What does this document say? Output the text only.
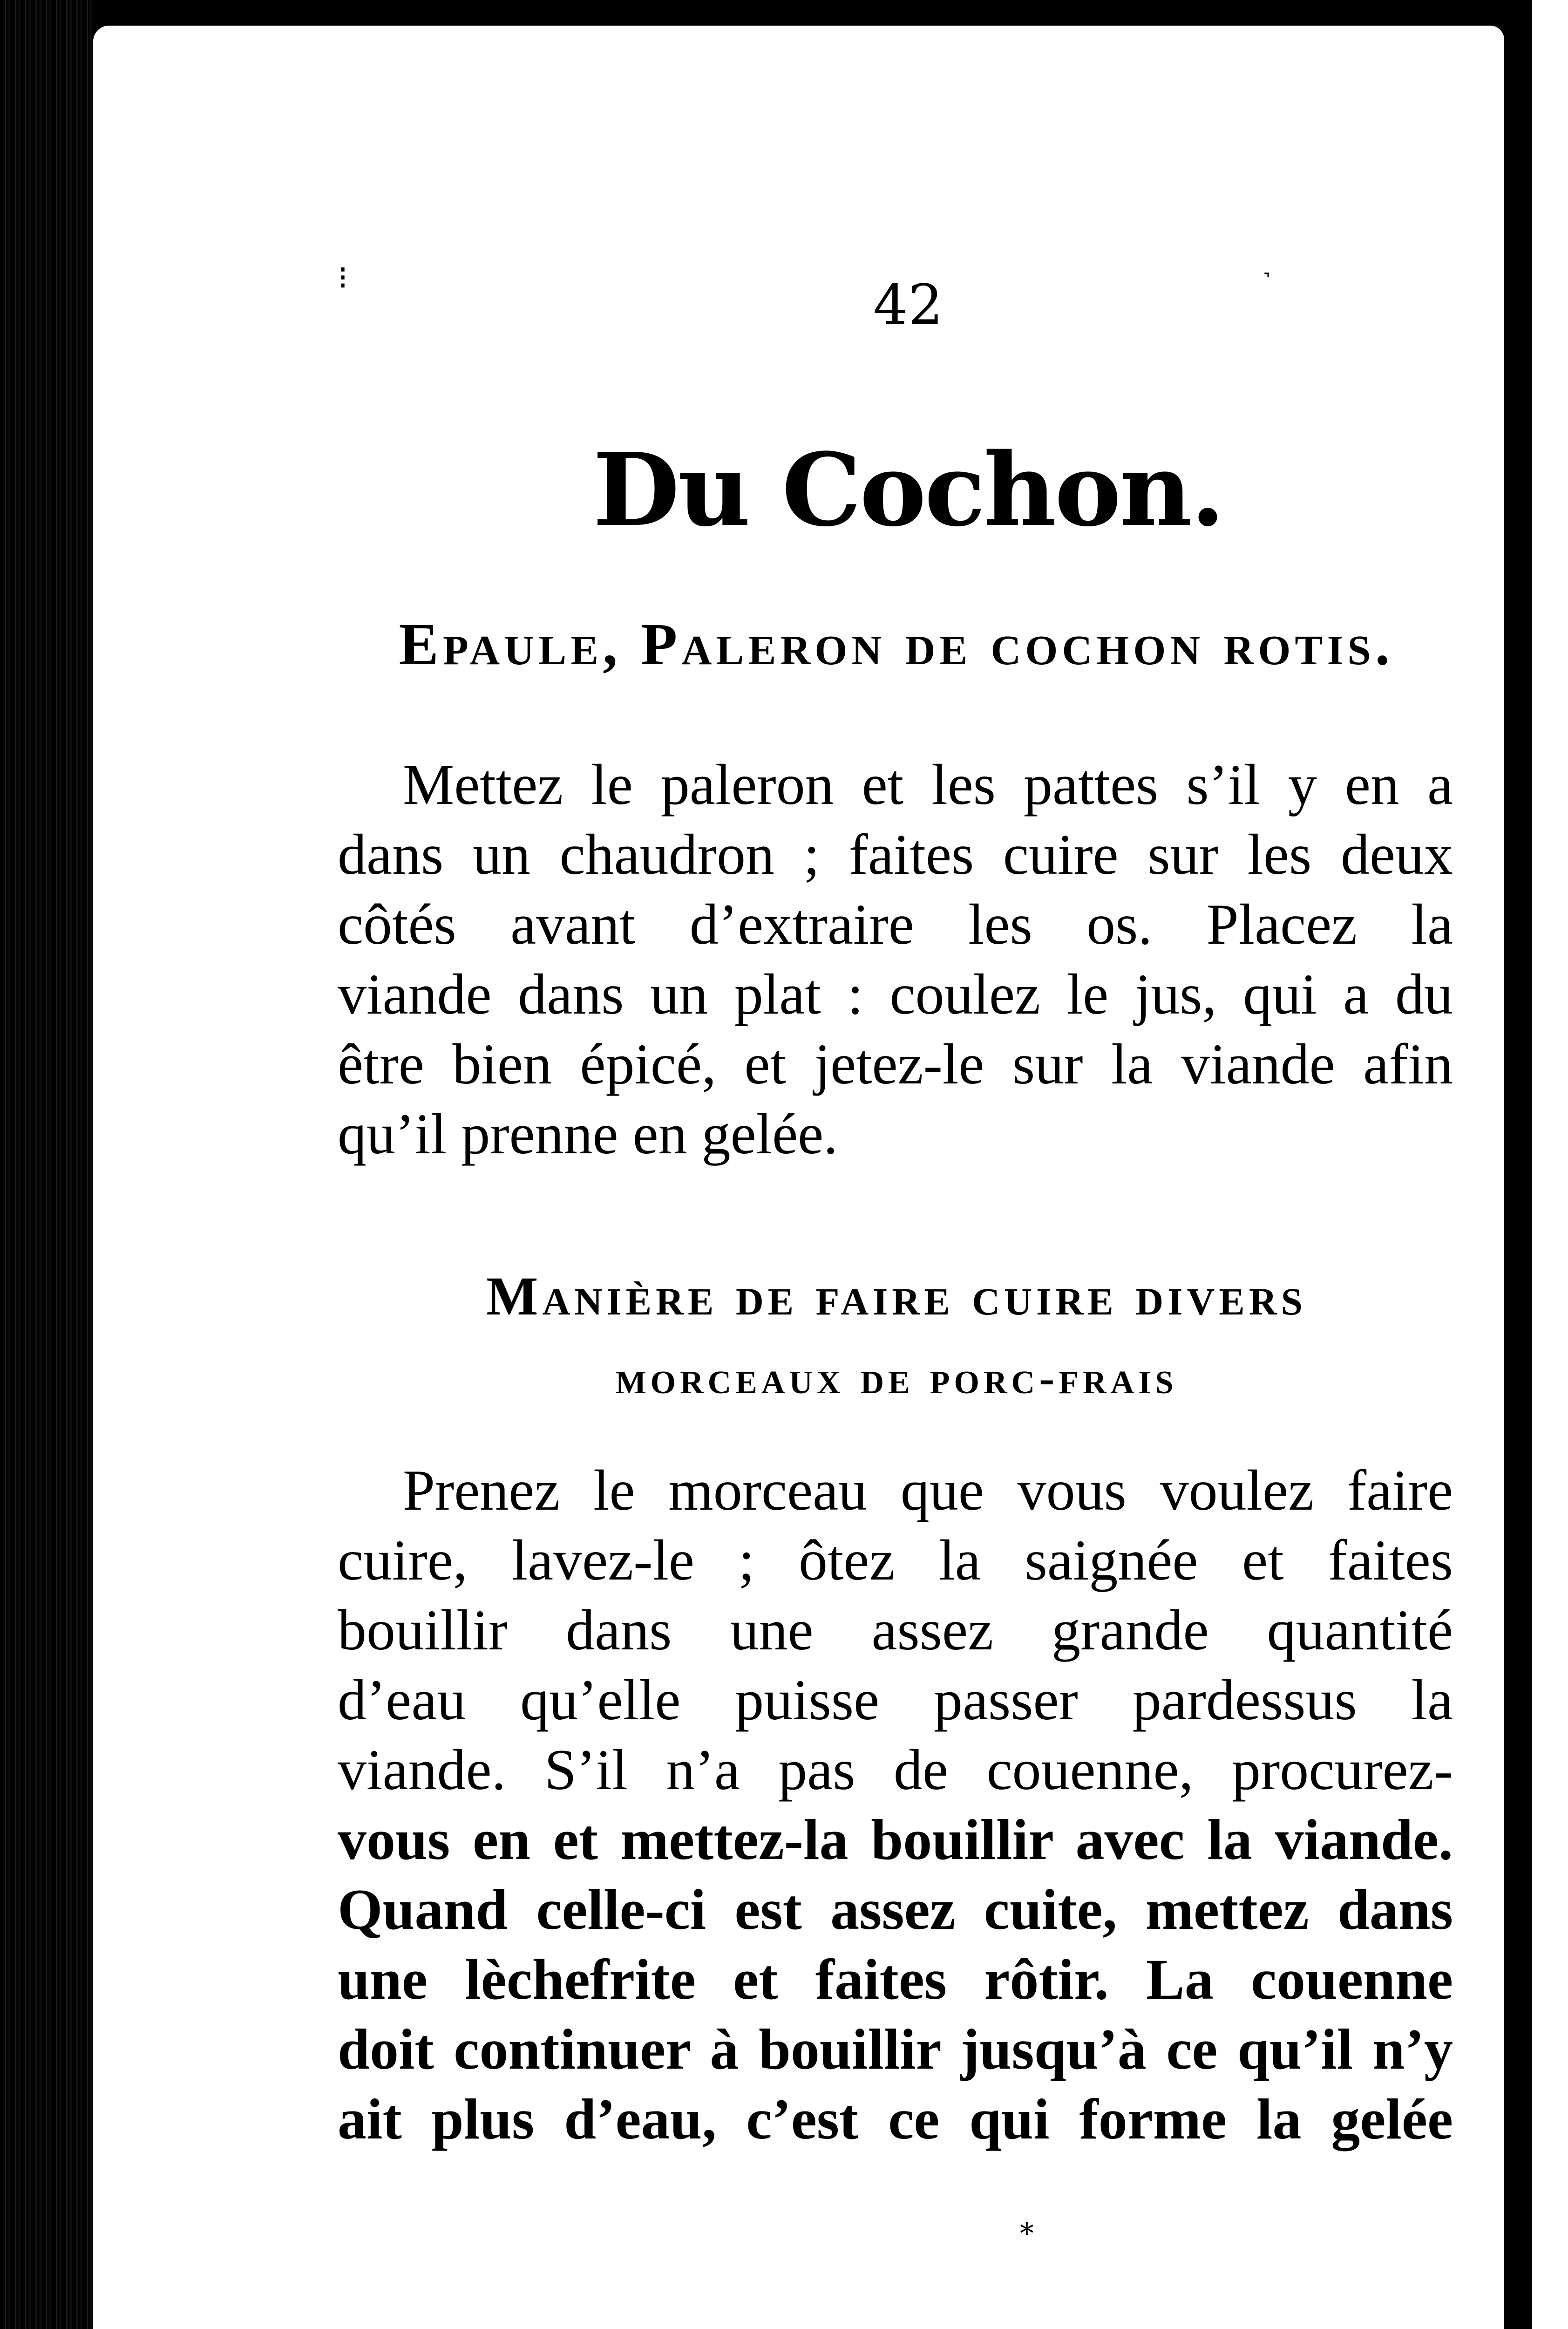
⁝	42	˺
Du Cochon.
Epaule, Paleron de cochon rotis.
Mettez le paleron et les pattes s’il y en a
dans un chaudron ; faites cuire sur les deux
côtés avant d’extraire les os. Placez la
viande dans un plat : coulez le jus, qui a du
être bien épicé, et jetez-le sur la viande afin
qu’il prenne en gelée.
Manière de faire cuire divers
morceaux de porc-frais
Prenez le morceau que vous voulez faire
cuire, lavez-le ; ôtez la saignée et faites
bouillir dans une assez grande quantité
d’eau qu’elle puisse passer pardessus la
viande. S’il n’a pas de couenne, procurez-
vous en et mettez-la bouillir avec la viande.
Quand celle-ci est assez cuite, mettez dans
une lèchefrite et faites rôtir. La couenne
doit continuer à bouillir jusqu’à ce qu’il n’y
ait plus d’eau, c’est ce qui forme la gelée
*
